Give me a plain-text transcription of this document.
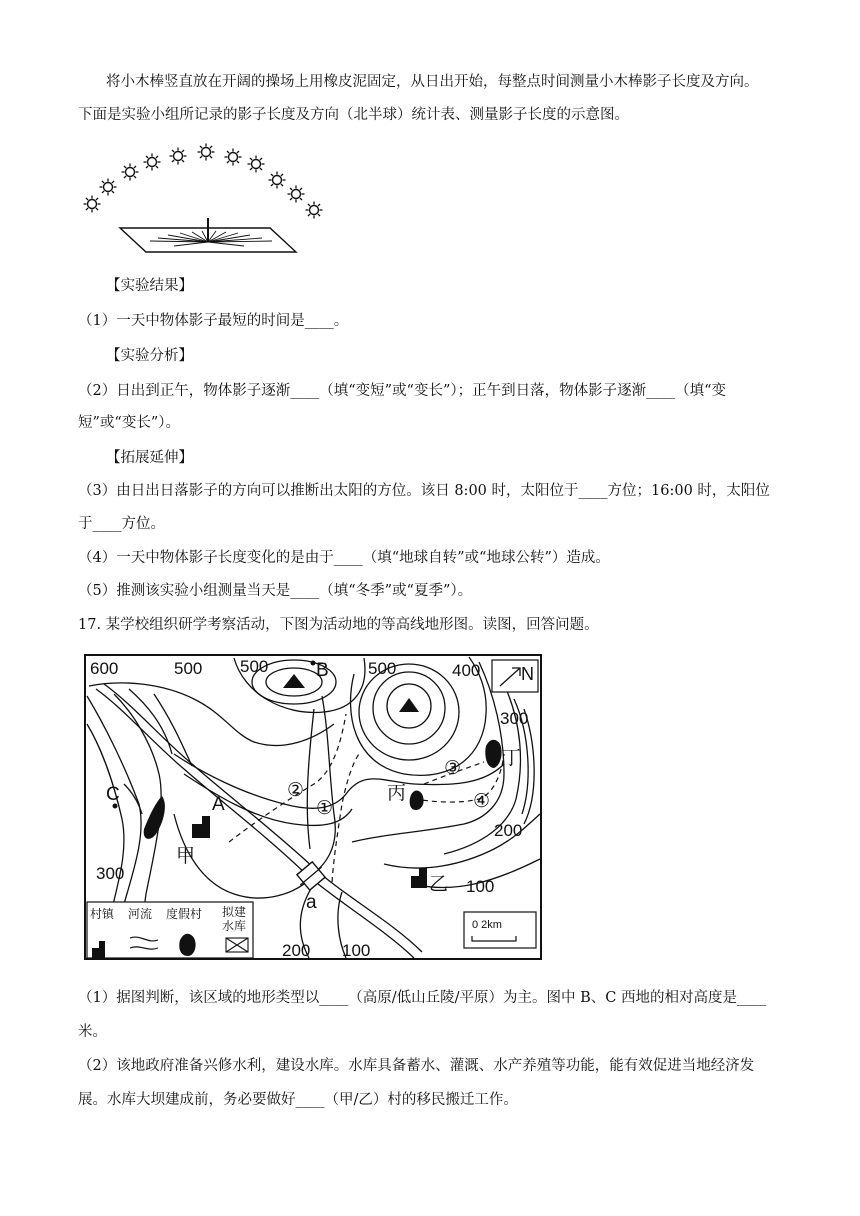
将小木棒竖直放在开阔的操场上用橡皮泥固定，从日出开始，每整点时间测量小木棒影子长度及方向。
下面是实验小组所记录的影子长度及方向（北半球）统计表、测量影子长度的示意图。
【实验结果】
（1）一天中物体影子最短的时间是____。
【实验分析】
（2）日出到正午，物体影子逐渐____（填“变短”或“变长”）；正午到日落，物体影子逐渐____（填“变
短”或“变长”）。
【拓展延伸】
（3）由日出日落影子的方向可以推断出太阳的方位。该日 8:00 时，太阳位于____方位；16:00 时，太阳位
于____方位。
（4）一天中物体影子长度变化的是由于____（填“地球自转”或“地球公转”）造成。
（5）推测该实验小组测量当天是____（填“冬季”或“夏季”）。
17. 某学校组织研学考察活动，下图为活动地的等高线地形图。读图，回答问题。
600	500 500	500	400
300
300
200
100
200 100
B
C	A
a
甲
乙
丙
丁
②
①
③
④
N
0 2km
村镇 河流 度假村 拟建
水库
（1）据图判断，该区域的地形类型以____（高原/低山丘陵/平原）为主。图中 B、C 西地的相对高度是____
米。
（2）该地政府准备兴修水利，建设水库。水库具备蓄水、灌溉、水产养殖等功能，能有效促进当地经济发
展。水库大坝建成前，务必要做好____（甲/乙）村的移民搬迁工作。
